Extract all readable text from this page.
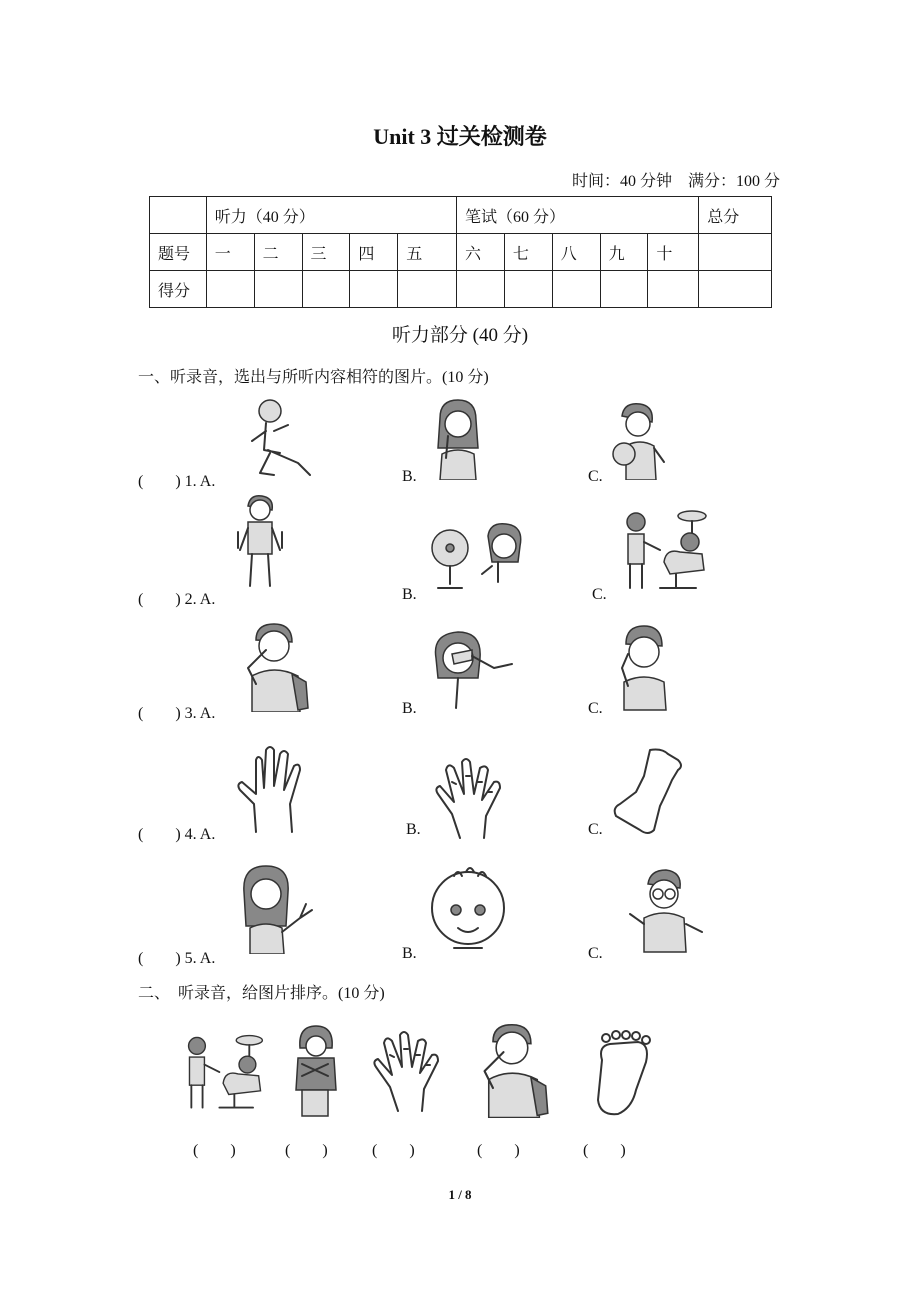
Unit 3 过关检测卷
时间：40 分钟　满分：100 分
	听力（40 分）					笔试（60 分）					总分
题号	一	二	三	四	五	六	七	八	九	十	
得分											
听力部分 (40 分)
一、听录音，选出与所听内容相符的图片。(10 分)
(　　) 1. A.	B.	C.
(　　) 2. A.	B.	C.
(　　) 3. A.	B.	C.
(　　) 4. A.	B.	C.
(　　) 5. A.	B.	C.
二、　听录音，给图片排序。(10 分)
(　　)	(　　)	(　　)	(　　)	(　　)
1 / 8
